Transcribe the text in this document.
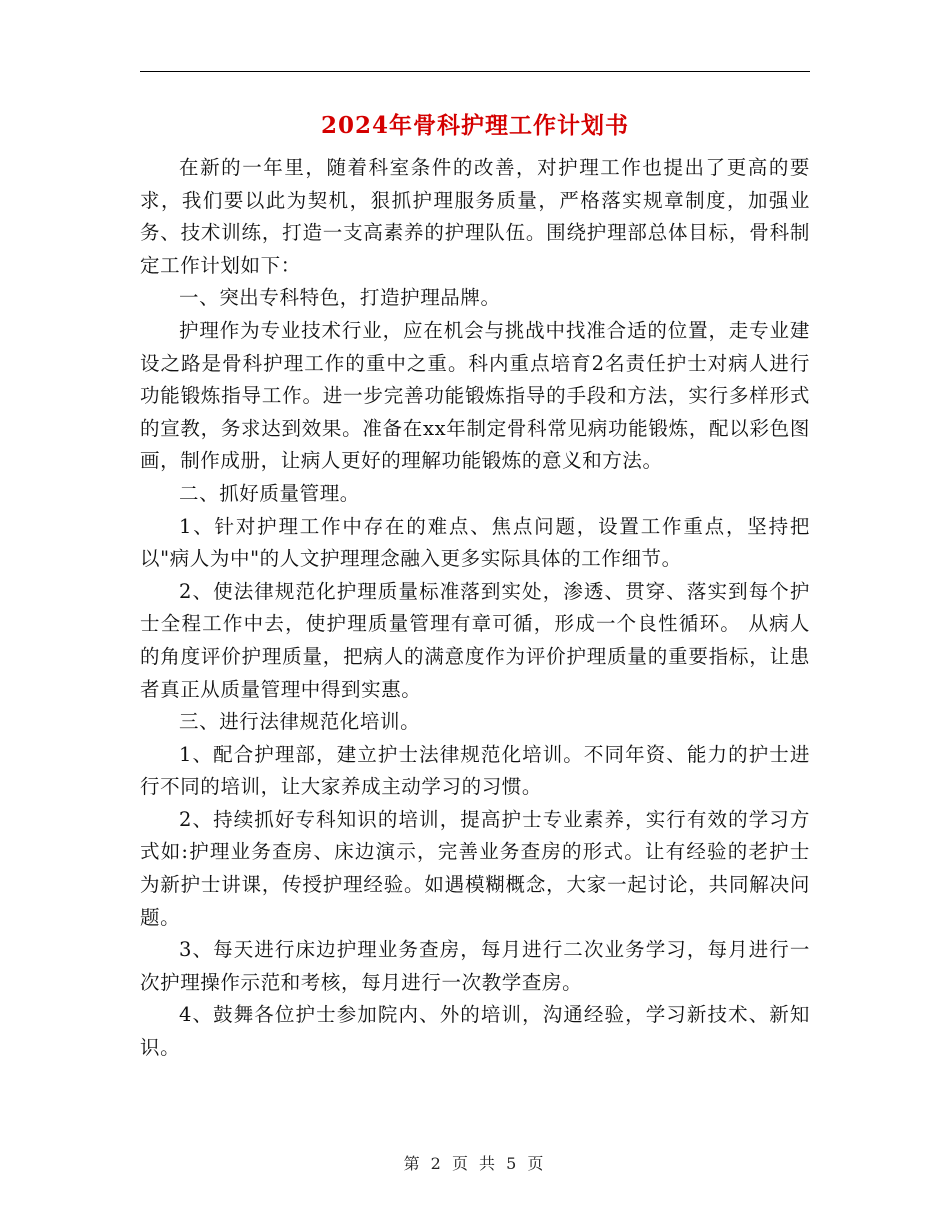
2024年骨科护理工作计划书

在新的一年里，随着科室条件的改善，对护理工作也提出了更高的要求，我们要以此为契机，狠抓护理服务质量，严格落实规章制度，加强业务、技术训练，打造一支高素养的护理队伍。围绕护理部总体目标，骨科制定工作计划如下：

一、突出专科特色，打造护理品牌。

护理作为专业技术行业，应在机会与挑战中找准合适的位置，走专业建设之路是骨科护理工作的重中之重。科内重点培育2名责任护士对病人进行功能锻炼指导工作。进一步完善功能锻炼指导的手段和方法，实行多样形式的宣教，务求达到效果。准备在xx年制定骨科常见病功能锻炼，配以彩色图画，制作成册，让病人更好的理解功能锻炼的意义和方法。

二、抓好质量管理。

1、针对护理工作中存在的难点、焦点问题，设置工作重点，坚持把以"病人为中"的人文护理理念融入更多实际具体的工作细节。

2、使法律规范化护理质量标准落到实处，渗透、贯穿、落实到每个护士全程工作中去，使护理质量管理有章可循，形成一个良性循环。 从病人的角度评价护理质量，把病人的满意度作为评价护理质量的重要指标，让患者真正从质量管理中得到实惠。

三、进行法律规范化培训。

1、配合护理部，建立护士法律规范化培训。不同年资、能力的护士进行不同的培训，让大家养成主动学习的习惯。

2、持续抓好专科知识的培训，提高护士专业素养，实行有效的学习方式如:护理业务查房、床边演示，完善业务查房的形式。让有经验的老护士为新护士讲课，传授护理经验。如遇模糊概念，大家一起讨论，共同解决问题。

3、每天进行床边护理业务查房，每月进行二次业务学习，每月进行一次护理操作示范和考核，每月进行一次教学查房。

4、鼓舞各位护士参加院内、外的培训，沟通经验，学习新技术、新知识。

第 2 页 共 5 页
